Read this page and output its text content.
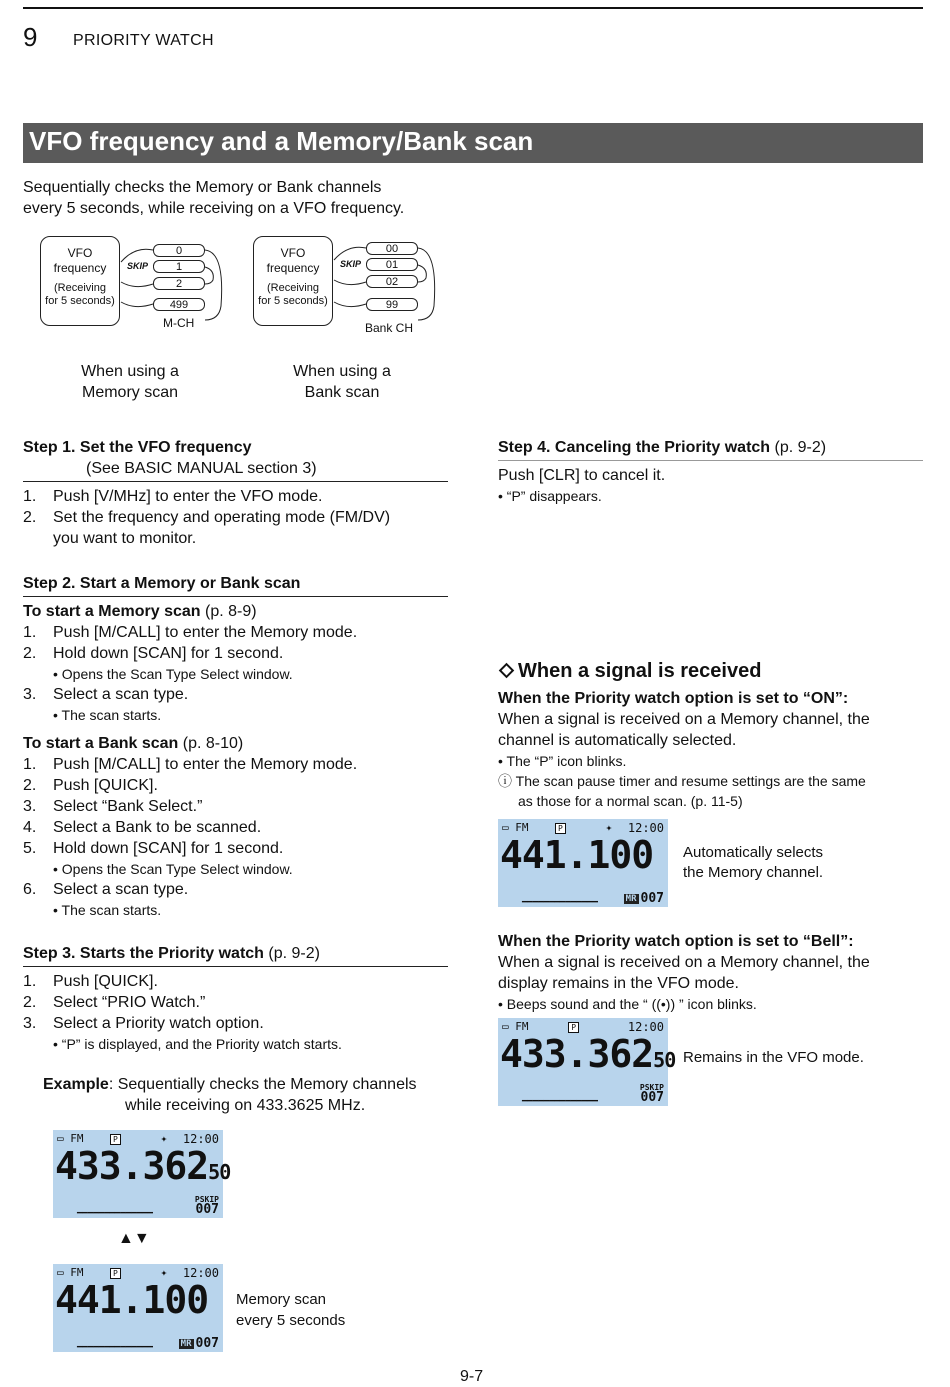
9 PRIORITY WATCH
VFO frequency and a Memory/Bank scan
Sequentially checks the Memory or Bank channels
every 5 seconds, while receiving on a VFO frequency.
VFO
frequency
(Receiving
for 5 seconds)
SKIP
0
1
2
499
M-CH
When using a
Memory scan
VFO
frequency
(Receiving
for 5 seconds)
SKIP
00
01
02
99
Bank CH
When using a
Bank scan
Step 1. Set the VFO frequency
(See BASIC MANUAL section 3)
1. Push [V/MHz] to enter the VFO mode.
2. Set the frequency and operating mode (FM/DV)
you want to monitor.
Step 2. Start a Memory or Bank scan
To start a Memory scan (p. 8-9)
1. Push [M/CALL] to enter the Memory mode.
2. Hold down [SCAN] for 1 second.
• Opens the Scan Type Select window.
3. Select a scan type.
• The scan starts.
To start a Bank scan (p. 8-10)
1. Push [M/CALL] to enter the Memory mode.
2. Push [QUICK].
3. Select “Bank Select.”
4. Select a Bank to be scanned.
5. Hold down [SCAN] for 1 second.
• Opens the Scan Type Select window.
6. Select a scan type.
• The scan starts.
Step 3. Starts the Priority watch (p. 9-2)
1. Push [QUICK].
2. Select “PRIO Watch.”
3. Select a Priority watch option.
• “P” is displayed, and the Priority watch starts.
Example: Sequentially checks the Memory channels
while receiving on 433.3625 MHz.
▭ FM	P      ✦ 12:00
433.36250
PSKIP
007
▁▁▁▁▁▁▁▁▁▁▁▁▁▁
▲▼
▭ FM	P      ✦ 12:00
441.100
MR 007
▁▁▁▁▁▁▁▁▁▁▁▁▁▁
Memory scan
every 5 seconds
Step 4. Canceling the Priority watch (p. 9-2)
Push [CLR] to cancel it.
• “P” disappears.
When a signal is received
When the Priority watch option is set to “ON”:
When a signal is received on a Memory channel, the
channel is automatically selected.
• The “P” icon blinks.
ⓘ The scan pause timer and resume settings are the same
as those for a normal scan. (p. 11-5)
▭ FM	P      ✦ 12:00
441.100
MR 007
▁▁▁▁▁▁▁▁▁▁▁▁▁▁
Automatically selects
the Memory channel.
When the Priority watch option is set to “Bell”:
When a signal is received on a Memory channel, the
display remains in the VFO mode.
• Beeps sound and the “ ((•)) ” icon blinks.
▭ FM	P	12:00
433.36250
PSKIP
007
▁▁▁▁▁▁▁▁▁▁▁▁▁▁
Remains in the VFO mode.
9-7
